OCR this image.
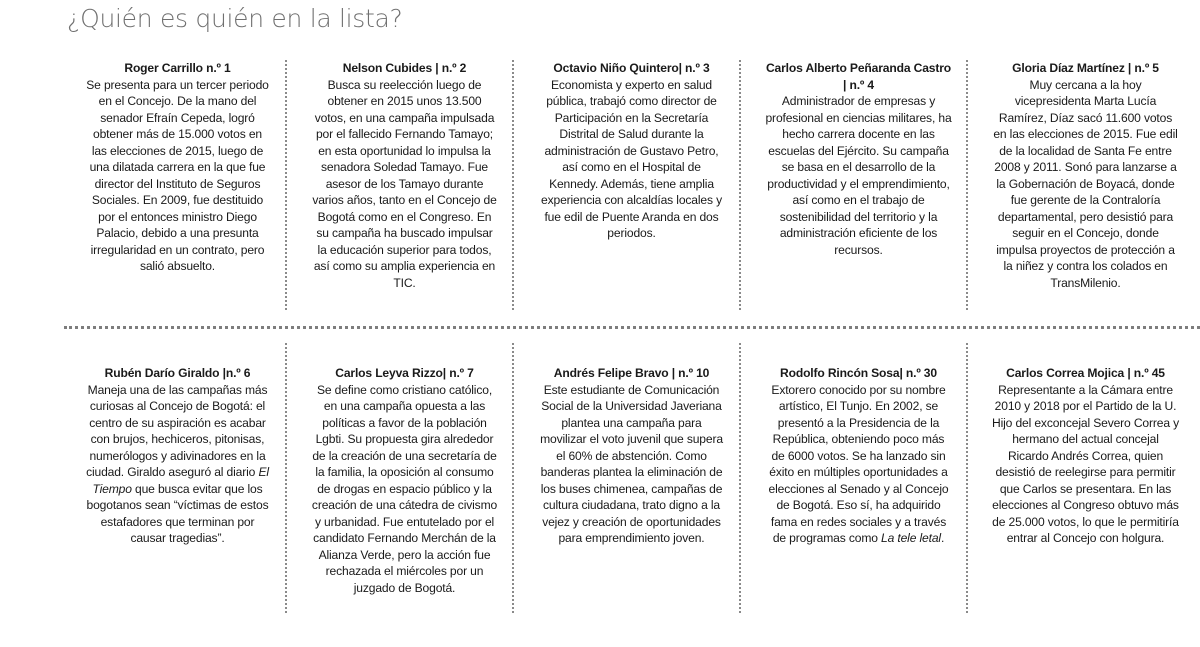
¿Quién es quién en la lista?
Roger Carrillo n.º 1
Se presenta para un tercer periodo en el Concejo. De la mano del senador Efraín Cepeda, logró obtener más de 15.000 votos en las elecciones de 2015, luego de una dilatada carrera en la que fue director del Instituto de Seguros Sociales. En 2009, fue destituido por el entonces ministro Diego Palacio, debido a una presunta irregularidad en un contrato, pero salió absuelto.
Nelson Cubides | n.º 2
Busca su reelección luego de obtener en 2015 unos 13.500 votos, en una campaña impulsada por el fallecido Fernando Tamayo; en esta oportunidad lo impulsa la senadora Soledad Tamayo. Fue asesor de los Tamayo durante varios años, tanto en el Concejo de Bogotá como en el Congreso. En su campaña ha buscado impulsar la educación superior para todos, así como su amplia experiencia en TIC.
Octavio Niño Quintero| n.º 3
Economista y experto en salud pública, trabajó como director de Participación en la Secretaría Distrital de Salud durante la administración de Gustavo Petro, así como en el Hospital de Kennedy. Además, tiene amplia experiencia con alcaldías locales y fue edil de Puente Aranda en dos periodos.
Carlos Alberto Peñaranda Castro | n.º 4
Administrador de empresas y profesional en ciencias militares, ha hecho carrera docente en las escuelas del Ejército. Su campaña se basa en el desarrollo de la productividad y el emprendimiento, así como en el trabajo de sostenibilidad del territorio y la administración eficiente de los recursos.
Gloria Díaz Martínez | n.º 5
Muy cercana a la hoy vicepresidenta Marta Lucía Ramírez, Díaz sacó 11.600 votos en las elecciones de 2015. Fue edil de la localidad de Santa Fe entre 2008 y 2011. Sonó para lanzarse a la Gobernación de Boyacá, donde fue gerente de la Contraloría departamental, pero desistió para seguir en el Concejo, donde impulsa proyectos de protección a la niñez y contra los colados en TransMilenio.
Rubén Darío Giraldo |n.º 6
Maneja una de las campañas más curiosas al Concejo de Bogotá: el centro de su aspiración es acabar con brujos, hechiceros, pitonisas, numerólogos y adivinadores en la ciudad. Giraldo aseguró al diario El Tiempo que busca evitar que los bogotanos sean “víctimas de estos estafadores que terminan por causar tragedias”.
Carlos Leyva Rizzo| n.º 7
Se define como cristiano católico, en una campaña opuesta a las políticas a favor de la población Lgbti. Su propuesta gira alrededor de la creación de una secretaría de la familia, la oposición al consumo de drogas en espacio público y la creación de una cátedra de civismo y urbanidad. Fue entutelado por el candidato Fernando Merchán de la Alianza Verde, pero la acción fue rechazada el miércoles por un juzgado de Bogotá.
Andrés Felipe Bravo | n.º 10
Este estudiante de Comunicación Social de la Universidad Javeriana plantea una campaña para movilizar el voto juvenil que supera el 60% de abstención. Como banderas plantea la eliminación de los buses chimenea, campañas de cultura ciudadana, trato digno a la vejez y creación de oportunidades para emprendimiento joven.
Rodolfo Rincón Sosa| n.º 30
Extorero conocido por su nombre artístico, El Tunjo. En 2002, se presentó a la Presidencia de la República, obteniendo poco más de 6000 votos. Se ha lanzado sin éxito en múltiples oportunidades a elecciones al Senado y al Concejo de Bogotá. Eso sí, ha adquirido fama en redes sociales y a través de programas como La tele letal.
Carlos Correa Mojica | n.º 45
Representante a la Cámara entre 2010 y 2018 por el Partido de la U. Hijo del exconcejal Severo Correa y hermano del actual concejal Ricardo Andrés Correa, quien desistió de reelegirse para permitir que Carlos se presentara. En las elecciones al Congreso obtuvo más de 25.000 votos, lo que le permitiría entrar al Concejo con holgura.
